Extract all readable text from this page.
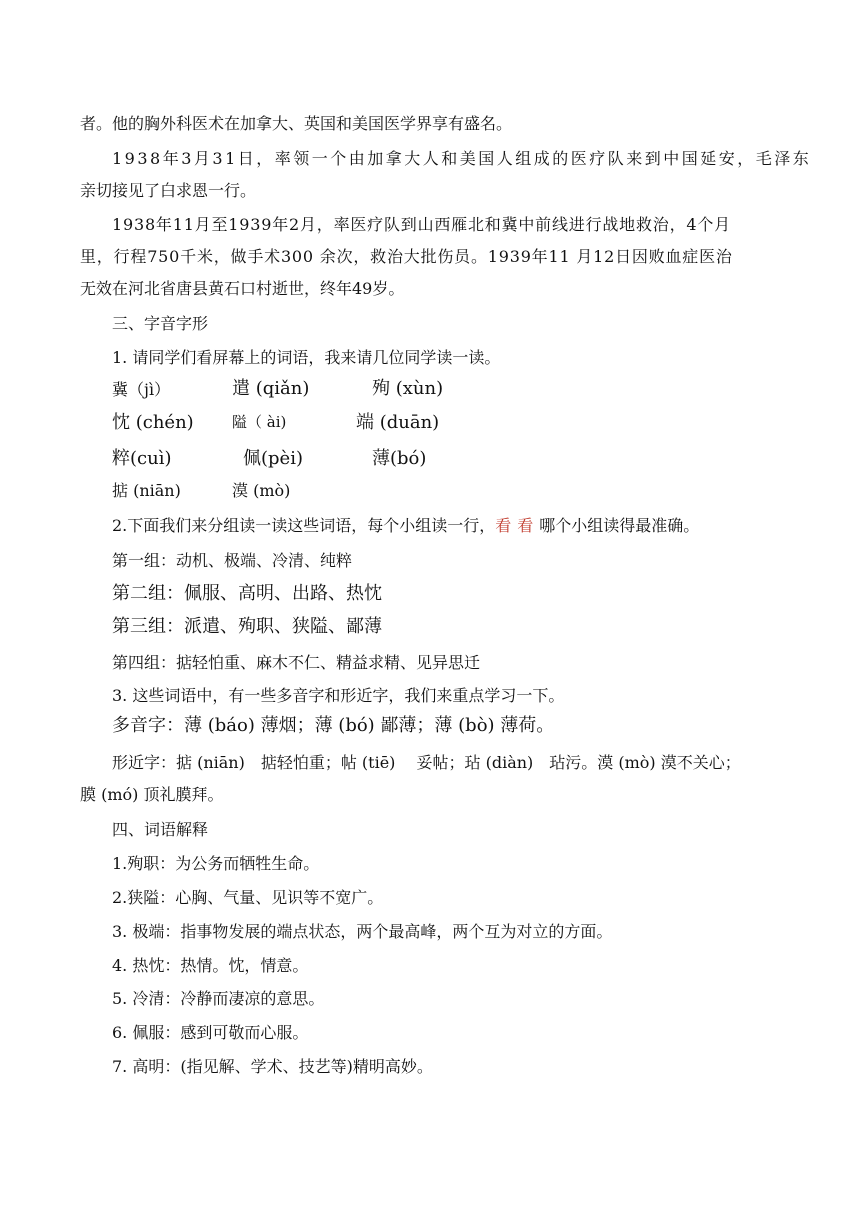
者。他的胸外科医术在加拿大、英国和美国医学界享有盛名。
1938年3月31日，率领一个由加拿大人和美国人组成的医疗队来到中国延安，毛泽东
亲切接见了白求恩一行。
1938年11月至1939年2月，率医疗队到山西雁北和冀中前线进行战地救治，4个月
里，行程750千米，做手术300 余次，救治大批伤员。1939年11 月12日因败血症医治
无效在河北省唐县黄石口村逝世，终年49岁。
三、字音字形
1. 请同学们看屏幕上的词语，我来请几位同学读一读。
冀（jì）	遣 (qiǎn)	殉 (xùn)
忱 (chén)	隘（ ài)	端 (duān)
粹(cuì)	佩(pèi)	薄(bó)
掂 (niān)	漠 (mò)
2.下面我们来分组读一读这些词语，每个小组读一行，看看哪个小组读得最准确。
第一组：动机、极端、冷清、纯粹
第二组：佩服、高明、出路、热忱
第三组：派遣、殉职、狭隘、鄙薄
第四组：掂轻怕重、麻木不仁、精益求精、见异思迁
3. 这些词语中，有一些多音字和形近字，我们来重点学习一下。
多音字：薄 (báo) 薄烟；薄 (bó) 鄙薄；薄 (bò) 薄荷。
形近字：掂 (niān)　掂轻怕重；帖 (tiē)　 妥帖；玷 (diàn)　玷污。漠 (mò) 漠不关心；
膜 (mó) 顶礼膜拜。
四、词语解释
1.殉职：为公务而牺牲生命。
2.狭隘：心胸、气量、见识等不宽广。
3. 极端：指事物发展的端点状态，两个最高峰，两个互为对立的方面。
4. 热忱：热情。忱，情意。
5. 冷清：冷静而凄凉的意思。
6. 佩服：感到可敬而心服。
7. 高明：(指见解、学术、技艺等)精明高妙。
